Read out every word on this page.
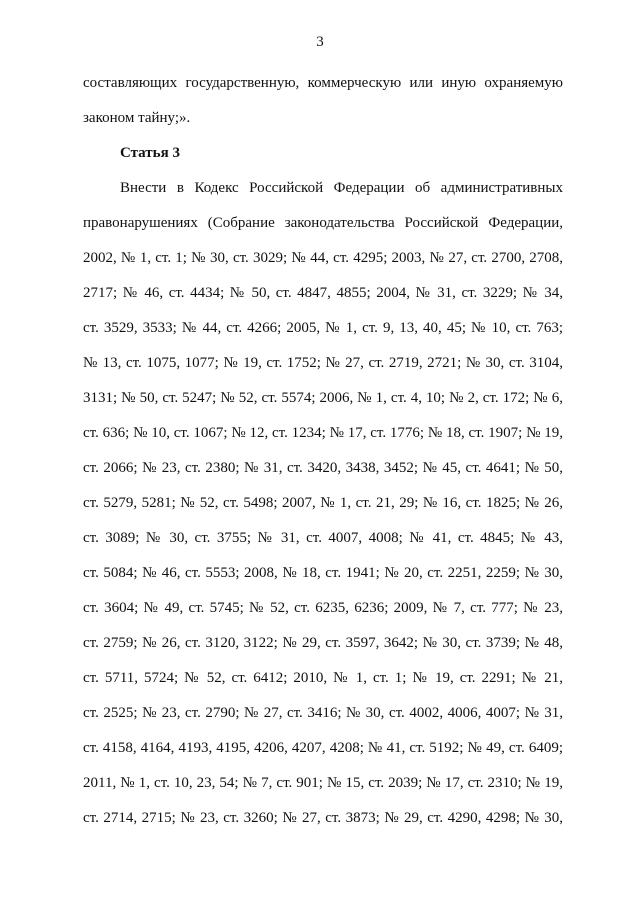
3
составляющих государственную, коммерческую или иную охраняемую
законом тайну;».
Статья 3
Внести в Кодекс Российской Федерации об административных
правонарушениях (Собрание законодательства Российской Федерации,
2002, № 1, ст. 1; № 30, ст. 3029; № 44, ст. 4295; 2003, № 27, ст. 2700, 2708,
2717; № 46, ст. 4434; № 50, ст. 4847, 4855; 2004, № 31, ст. 3229; № 34,
ст. 3529, 3533; № 44, ст. 4266; 2005, № 1, ст. 9, 13, 40, 45; № 10, ст. 763;
№ 13, ст. 1075, 1077; № 19, ст. 1752; № 27, ст. 2719, 2721; № 30, ст. 3104,
3131; № 50, ст. 5247; № 52, ст. 5574; 2006, № 1, ст. 4, 10; № 2, ст. 172; № 6,
ст. 636; № 10, ст. 1067; № 12, ст. 1234; № 17, ст. 1776; № 18, ст. 1907; № 19,
ст. 2066; № 23, ст. 2380; № 31, ст. 3420, 3438, 3452; № 45, ст. 4641; № 50,
ст. 5279, 5281; № 52, ст. 5498; 2007, № 1, ст. 21, 29; № 16, ст. 1825; № 26,
ст. 3089; № 30, ст. 3755; № 31, ст. 4007, 4008; № 41, ст. 4845; № 43,
ст. 5084; № 46, ст. 5553; 2008, № 18, ст. 1941; № 20, ст. 2251, 2259; № 30,
ст. 3604; № 49, ст. 5745; № 52, ст. 6235, 6236; 2009, № 7, ст. 777; № 23,
ст. 2759; № 26, ст. 3120, 3122; № 29, ст. 3597, 3642; № 30, ст. 3739; № 48,
ст. 5711, 5724; № 52, ст. 6412; 2010, № 1, ст. 1; № 19, ст. 2291; № 21,
ст. 2525; № 23, ст. 2790; № 27, ст. 3416; № 30, ст. 4002, 4006, 4007; № 31,
ст. 4158, 4164, 4193, 4195, 4206, 4207, 4208; № 41, ст. 5192; № 49, ст. 6409;
2011, № 1, ст. 10, 23, 54; № 7, ст. 901; № 15, ст. 2039; № 17, ст. 2310; № 19,
ст. 2714, 2715; № 23, ст. 3260; № 27, ст. 3873; № 29, ст. 4290, 4298; № 30,
